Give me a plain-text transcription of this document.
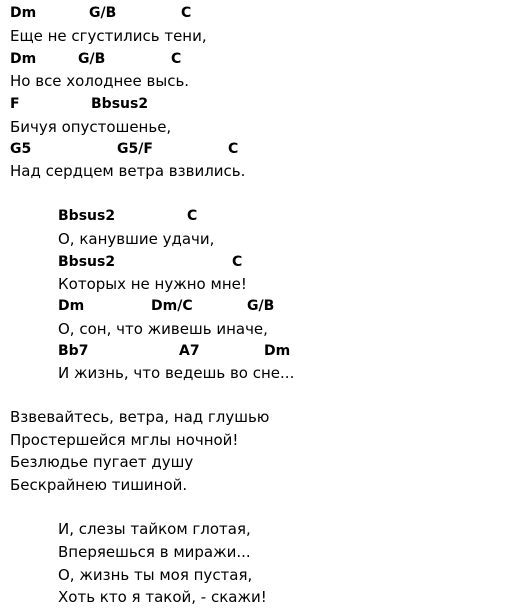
Dm

	G/B

	C

Еще не сгустились тени,

Dm

	G/B

	C

Но все холоднее высь.

F

	Bbsus2

Бичуя опустошенье,

G5

	G5/F

	C

Над сердцем ветра взвились.

Bbsus2

	C

О, канувшие удачи,

Bbsus2

	C

Которых не нужно мне!

Dm

	Dm/C

	G/B

О, сон, что живешь иначе,

Bb7

	A7

	Dm

И жизнь, что ведешь во сне...
Взвевайтесь, ветра, над глушью
Простершейся мглы ночной!
Безлюдье пугает душу
Бескрайнею тишиной.
И, слезы тайком глотая,
Вперяешься в миражи...
О, жизнь ты моя пустая,
Хоть кто я такой, - скажи!
